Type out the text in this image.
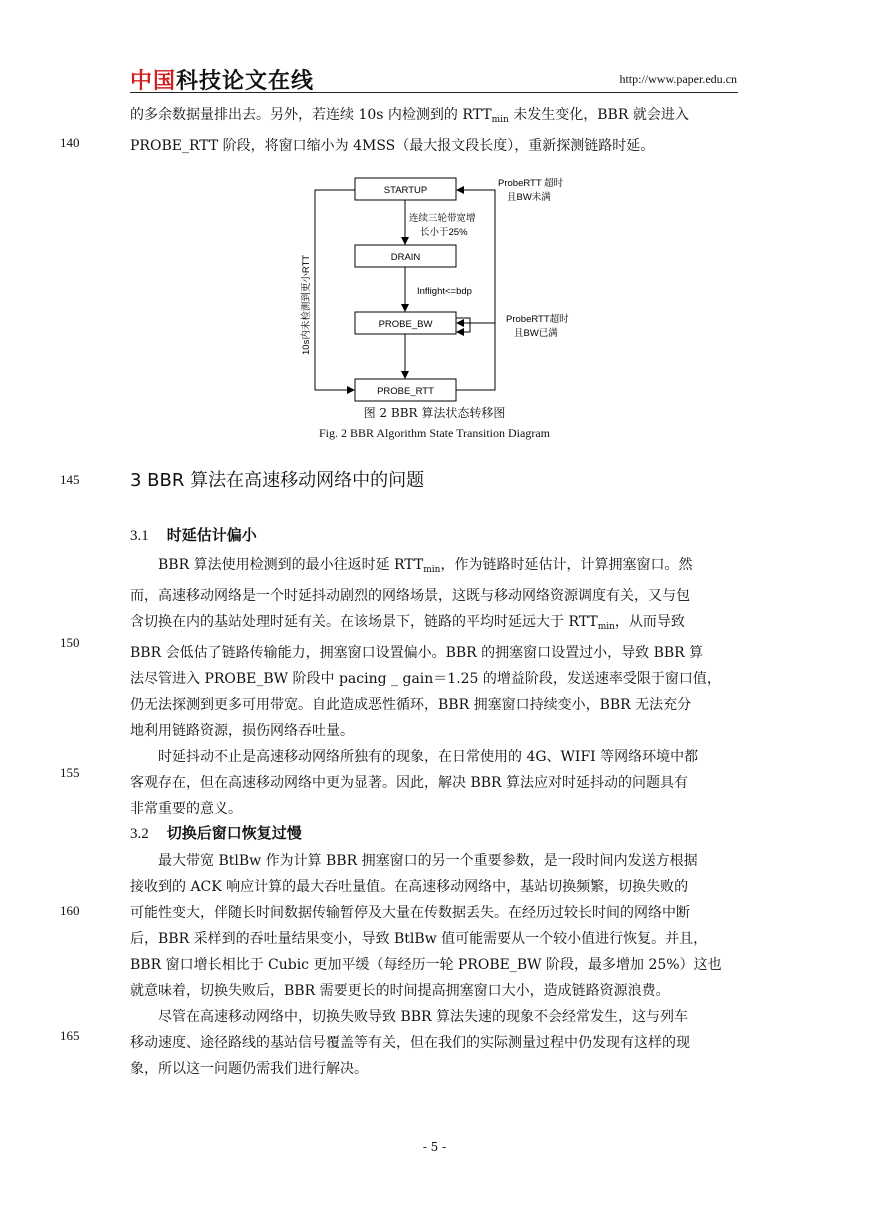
中国科技论文在线	http://www.paper.edu.cn
的多余数据量排出去。另外，若连续 10s 内检测到的 $RTT_{min}$ 未发生变化，BBR 就会进入
PROBE_RTT 阶段，将窗口缩小为 4MSS（最大报文段长度），重新探测链路时延。
140
145
150
155
160
165
STARTUP
DRAIN
PROBE_BW
PROBE_RTT
连续三轮带宽增
长小于25%
Inflight<=bdp
ProbeRTT 超时
且BW未满
ProbeRTT超时
且BW已满
10s内未检测到更小RTT
图 2 BBR 算法状态转移图
Fig. 2 BBR Algorithm State Transition Diagram
3 BBR 算法在高速移动网络中的问题
3.1 时延估计偏小
BBR 算法使用检测到的最小往返时延 $RTT_{min}$，作为链路时延估计，计算拥塞窗口。然
而，高速移动网络是一个时延抖动剧烈的网络场景，这既与移动网络资源调度有关，又与包
含切换在内的基站处理时延有关。在该场景下，链路的平均时延远大于 $RTT_{min}$，从而导致
BBR 会低估了链路传输能力，拥塞窗口设置偏小。BBR 的拥塞窗口设置过小，导致 BBR 算
法尽管进入 PROBE_BW 阶段中 pacing _ gain＝1.25 的增益阶段，发送速率受限于窗口值，
仍无法探测到更多可用带宽。自此造成恶性循环，BBR 拥塞窗口持续变小，BBR 无法充分
地利用链路资源，损伤网络吞吐量。
时延抖动不止是高速移动网络所独有的现象，在日常使用的 4G、WIFI 等网络环境中都
客观存在，但在高速移动网络中更为显著。因此，解决 BBR 算法应对时延抖动的问题具有
非常重要的意义。
3.2 切换后窗口恢复过慢
最大带宽 BtlBw 作为计算 BBR 拥塞窗口的另一个重要参数，是一段时间内发送方根据
接收到的 ACK 响应计算的最大吞吐量值。在高速移动网络中，基站切换频繁，切换失败的
可能性变大，伴随长时间数据传输暂停及大量在传数据丢失。在经历过较长时间的网络中断
后，BBR 采样到的吞吐量结果变小，导致 BtlBw 值可能需要从一个较小值进行恢复。并且，
BBR 窗口增长相比于 Cubic 更加平缓（每经历一轮 PROBE_BW 阶段，最多增加 25%）这也
就意味着，切换失败后，BBR 需要更长的时间提高拥塞窗口大小，造成链路资源浪费。
尽管在高速移动网络中，切换失败导致 BBR 算法失速的现象不会经常发生，这与列车
移动速度、途径路线的基站信号覆盖等有关，但在我们的实际测量过程中仍发现有这样的现
象，所以这一问题仍需我们进行解决。
- 5 -
